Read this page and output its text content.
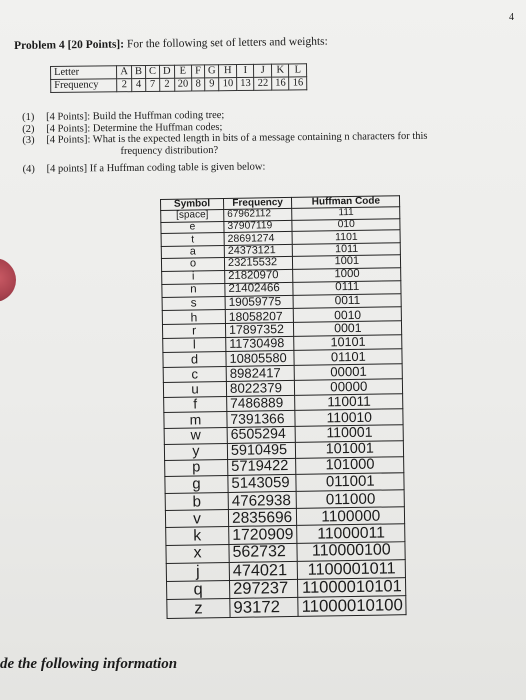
4
Problem 4 [20 Points]: For the following set of letters and weights:
Letter	A	B	C	D	E	F	G	H	I	J	K	L
Frequency	2	4	7	2	20	8	9	10	13	22	16	16
(1)	[4 Points]: Build the Huffman coding tree;
(2)	[4 Points]: Determine the Huffman codes;
(3)	[4 Points]: What is the expected length in bits of a message containing n characters for this
frequency distribution?
(4)	[4 points] If a Huffman coding table is given below:
Symbol	Frequency	Huffman Code
[space]	67962112	111
e	37907119	010
t	28691274	1101
a	24373121	1011
o	23215532	1001
i	21820970	1000
n	21402466	0111
s	19059775	0011
h	18058207	0010
r	17897352	0001
l	11730498	10101
d	10805580	01101
c	8982417	00001
u	8022379	00000
f	7486889	110011
m	7391366	110010
w	6505294	110001
y	5910495	101001
p	5719422	101000
g	5143059	011001
b	4762938	011000
v	2835696	1100000
k	1720909	11000011
x	562732	110000100
j	474021	1100001011
q	297237	11000010101
z	93172	11000010100
de the following information
